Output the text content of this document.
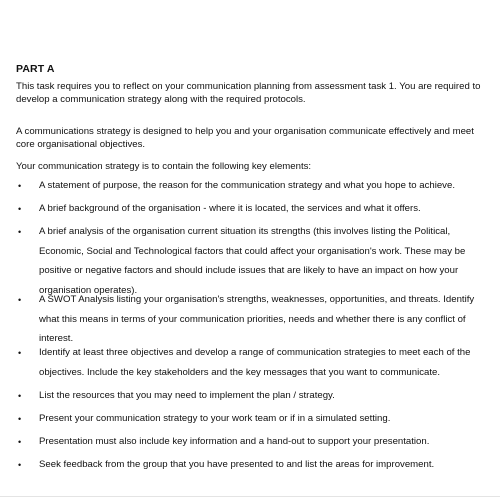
PART A
This task requires you to reflect on your communication planning from assessment task 1. You are required to develop a communication strategy along with the required protocols.
A communications strategy is designed to help you and your organisation communicate effectively and meet core organisational objectives.
Your communication strategy is to contain the following key elements:
• A statement of purpose, the reason for the communication strategy and what you hope to achieve.
• A brief background of the organisation - where it is located, the services and what it offers.
• A brief analysis of the organisation current situation its strengths (this involves listing the Political, Economic, Social and Technological factors that could affect your organisation's work. These may be positive or negative factors and should include issues that are likely to have an impact on how your organisation operates).
• A SWOT Analysis listing your organisation's strengths, weaknesses, opportunities, and threats. Identify what this means in terms of your communication priorities, needs and whether there is any conflict of interest.
• Identify at least three objectives and develop a range of communication strategies to meet each of the objectives. Include the key stakeholders and the key messages that you want to communicate.
• List the resources that you may need to implement the plan / strategy.
• Present your communication strategy to your work team or if in a simulated setting.
• Presentation must also include key information and a hand-out to support your presentation.
• Seek feedback from the group that you have presented to and list the areas for improvement.
